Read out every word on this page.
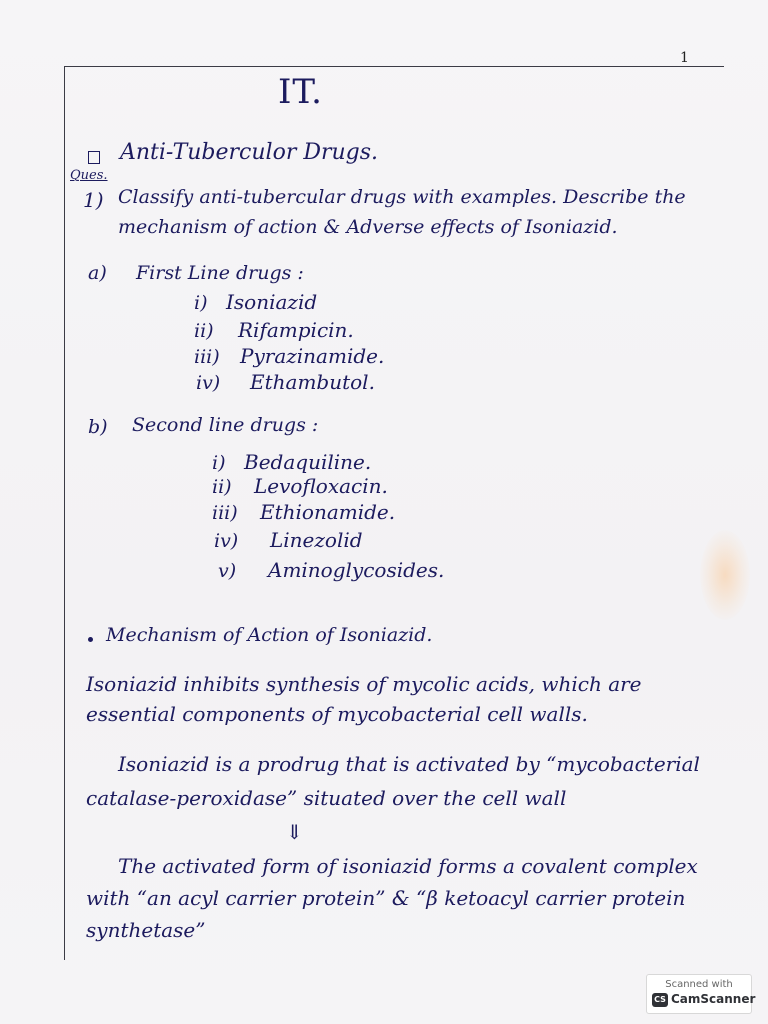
1

IT.

Anti-Tuberculor Drugs.

Ques.

1) Classify anti-tubercular drugs with examples. Describe the

mechanism of action & Adverse effects of Isoniazid.

a) First Line drugs :

i) Isoniazid

ii) Rifampicin.

iii) Pyrazinamide.

iv) Ethambutol.

b) Second line drugs :

i) Bedaquiline.

ii) Levofloxacin.

iii) Ethionamide.

iv) Linezolid

v) Aminoglycosides.

Mechanism of Action of Isoniazid.

Isoniazid inhibits synthesis of mycolic acids, which are

essential components of mycobacterial cell walls.

Isoniazid is a prodrug that is activated by “mycobacterial

catalase-peroxidase” situated over the cell wall

⇓

The activated form of isoniazid forms a covalent complex

with “an acyl carrier protein” & “β ketoacyl carrier protein

synthetase”

Scanned with
CS CamScanner
